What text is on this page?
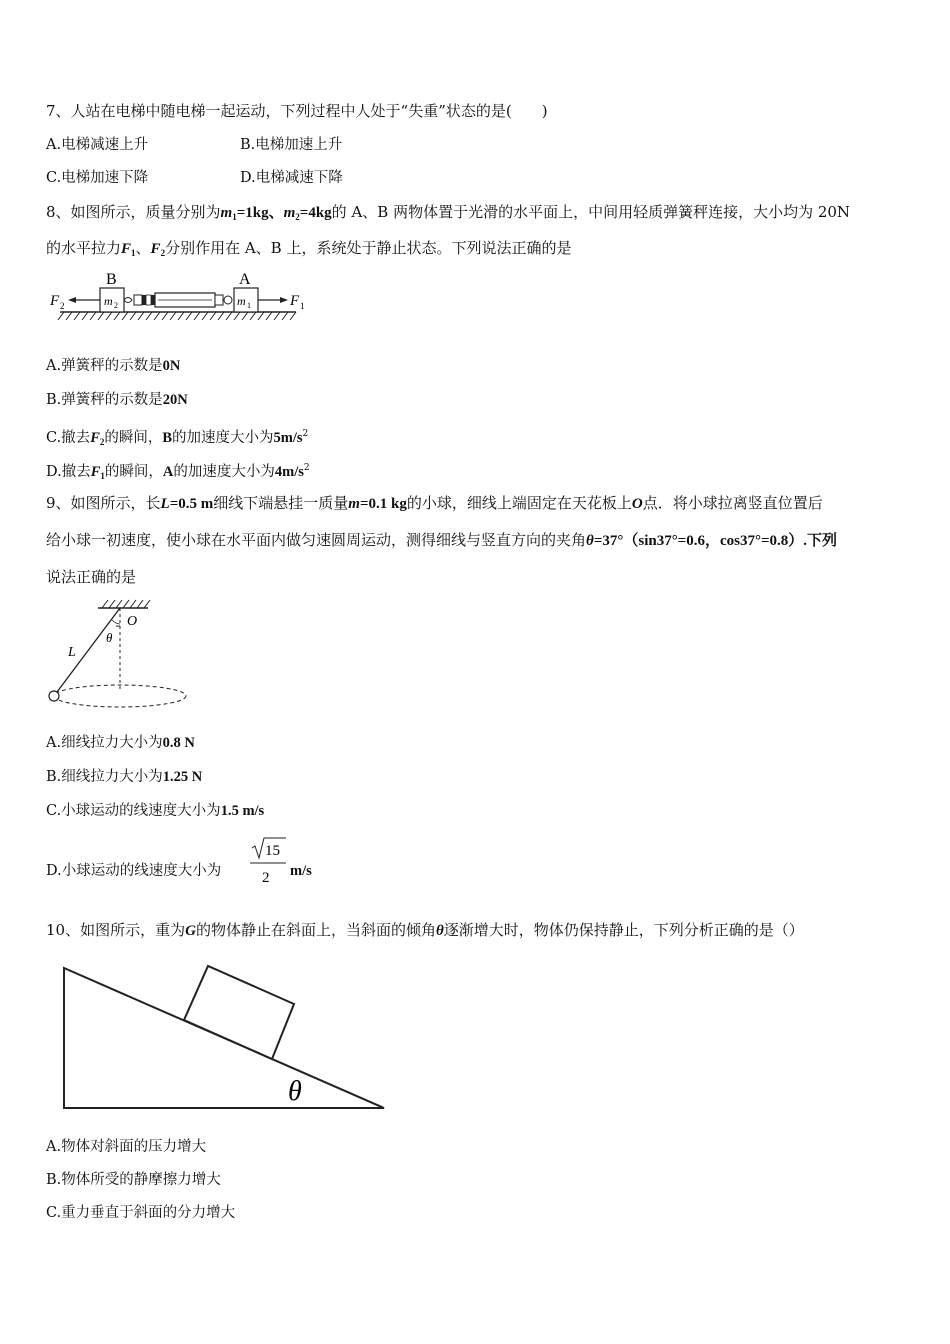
7、人站在电梯中随电梯一起运动，下列过程中人处于“失重”状态的是(　　)
A.电梯减速上升	B.电梯加速上升
C.电梯加速下降	D.电梯减速下降
8、如图所示，质量分别为$m_1=1kg$、$m_2=4kg$的 A、B 两物体置于光滑的水平面上，中间用轻质弹簧秤连接，大小均为 20N
的水平拉力$F_1$、$F_2$分别作用在 A、B 上，系统处于静止状态。下列说法正确的是
m 2
B
F 2	m 1
A
F 1
A.弹簧秤的示数是0N
B.弹簧秤的示数是20N
C.撤去$F_2$的瞬间，B的加速度大小为$5m/s^2$
D.撤去$F_1$的瞬间，A的加速度大小为$4m/s^2$
9、如图所示，长L=0.5 m细线下端悬挂一质量m=0.1 kg的小球，细线上端固定在天花板上O点．将小球拉离竖直位置后
给小球一初速度，使小球在水平面内做匀速圆周运动，测得细线与竖直方向的夹角θ=37°（sin37°=0.6，cos37°=0.8）.下列
说法正确的是
O
θ
L
A.细线拉力大小为0.8 N
B.细线拉力大小为1.25 N
C.小球运动的线速度大小为1.5 m/s
D.小球运动的线速度大小为
15
2 m/s
10、如图所示，重为G的物体静止在斜面上，当斜面的倾角θ逐渐增大时，物体仍保持静止，下列分析正确的是（）
θ
A.物体对斜面的压力增大
B.物体所受的静摩擦力增大
C.重力垂直于斜面的分力增大
